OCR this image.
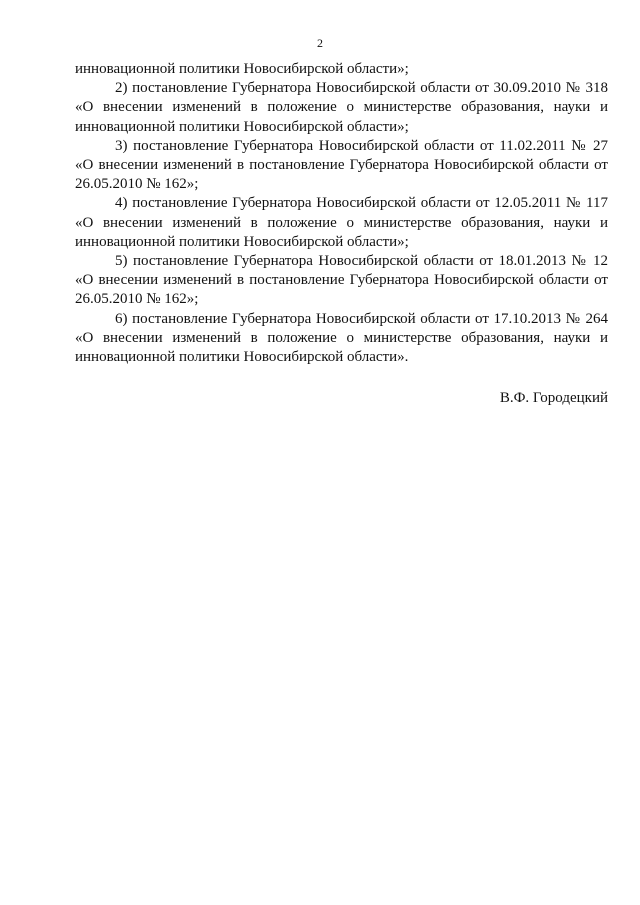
2

инновационной политики Новосибирской области»;

2) постановление Губернатора Новосибирской области от 30.09.2010 № 318 «О внесении изменений в положение о министерстве образования, науки и инновационной политики Новосибирской области»;

3) постановление Губернатора Новосибирской области от 11.02.2011 № 27 «О внесении изменений в постановление Губернатора Новосибирской области от 26.05.2010 № 162»;

4) постановление Губернатора Новосибирской области от 12.05.2011 № 117 «О внесении изменений в положение о министерстве образования, науки и инновационной политики Новосибирской области»;

5) постановление Губернатора Новосибирской области от 18.01.2013 № 12 «О внесении изменений в постановление Губернатора Новосибирской области от 26.05.2010 № 162»;

6) постановление Губернатора Новосибирской области от 17.10.2013 № 264 «О внесении изменений в положение о министерстве образования, науки и инновационной политики Новосибирской области».

В.Ф. Городецкий
